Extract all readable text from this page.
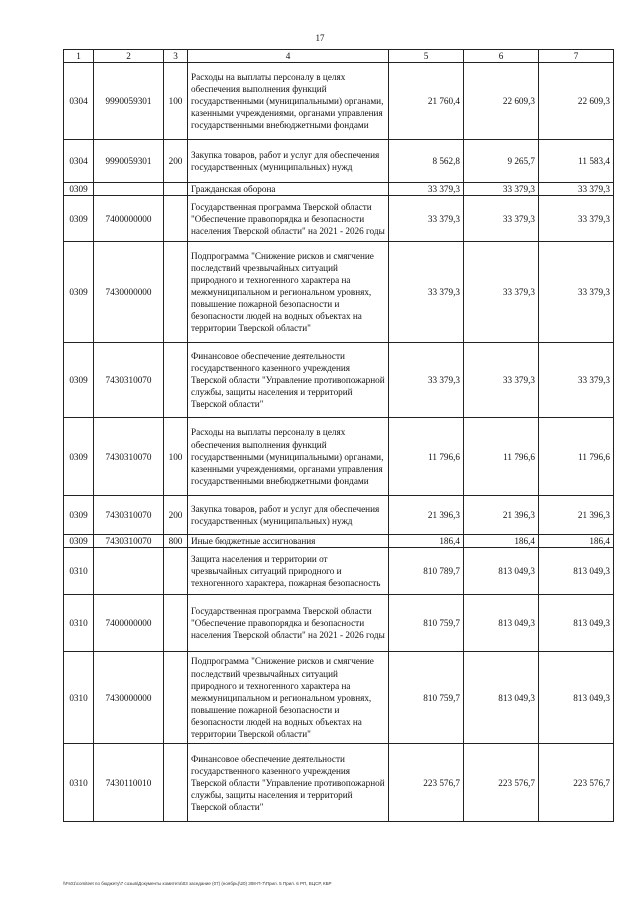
17
1	2	3	4	5	6	7
0304	9990059301	100	Расходы на выплаты персоналу в целях обеспечения выполнения функций государственными (муниципальными) органами, казенными учреждениями, органами управления государственными внебюджетными фондами	21 760,4	22 609,3	22 609,3
0304	9990059301	200	Закупка товаров, работ и услуг для обеспечения государственных (муниципальных) нужд	8 562,8	9 265,7	11 583,4
0309			Гражданская оборона	33 379,3	33 379,3	33 379,3
0309	7400000000		Государственная программа Тверской области "Обеспечение правопорядка и безопасности населения Тверской области" на 2021 - 2026 годы	33 379,3	33 379,3	33 379,3
0309	7430000000		Подпрограмма "Снижение рисков и смягчение последствий чрезвычайных ситуаций природного и техногенного характера на межмуниципальном и региональном уровнях, повышение пожарной безопасности и безопасности людей на водных объектах на территории Тверской области"	33 379,3	33 379,3	33 379,3
0309	7430310070		Финансовое обеспечение деятельности государственного казенного учреждения Тверской области "Управление противопожарной службы, защиты населения и территорий Тверской области"	33 379,3	33 379,3	33 379,3
0309	7430310070	100	Расходы на выплаты персоналу в целях обеспечения выполнения функций государственными (муниципальными) органами, казенными учреждениями, органами управления государственными внебюджетными фондами	11 796,6	11 796,6	11 796,6
0309	7430310070	200	Закупка товаров, работ и услуг для обеспечения государственных (муниципальных) нужд	21 396,3	21 396,3	21 396,3
0309	7430310070	800	Иные бюджетные ассигнования	186,4	186,4	186,4
0310			Защита населения и территории от чрезвычайных ситуаций природного и техногенного характера, пожарная безопасность	810 789,7	813 049,3	813 049,3
0310	7400000000		Государственная программа Тверской области "Обеспечение правопорядка и безопасности населения Тверской области" на 2021 - 2026 годы	810 759,7	813 049,3	813 049,3
0310	7430000000		Подпрограмма "Снижение рисков и смягчение последствий чрезвычайных ситуаций природного и техногенного характера на межмуниципальном и региональном уровнях, повышение пожарной безопасности и безопасности людей на водных объектах на территории Тверской области"	810 759,7	813 049,3	813 049,3
0310	7430110010		Финансовое обеспечение деятельности государственного казенного учреждения Тверской области "Управление противопожарной службы, защиты населения и территорий Тверской области"	223 576,7	223 576,7	223 576,7
\\Fs01\comiteet по бюджету\7 созыв\Документы комитета\03 заседание (07) (ноябрь)\20) 308-П-7\Прил. 5 Прил. 6 РП, ВЦСР, КБР
